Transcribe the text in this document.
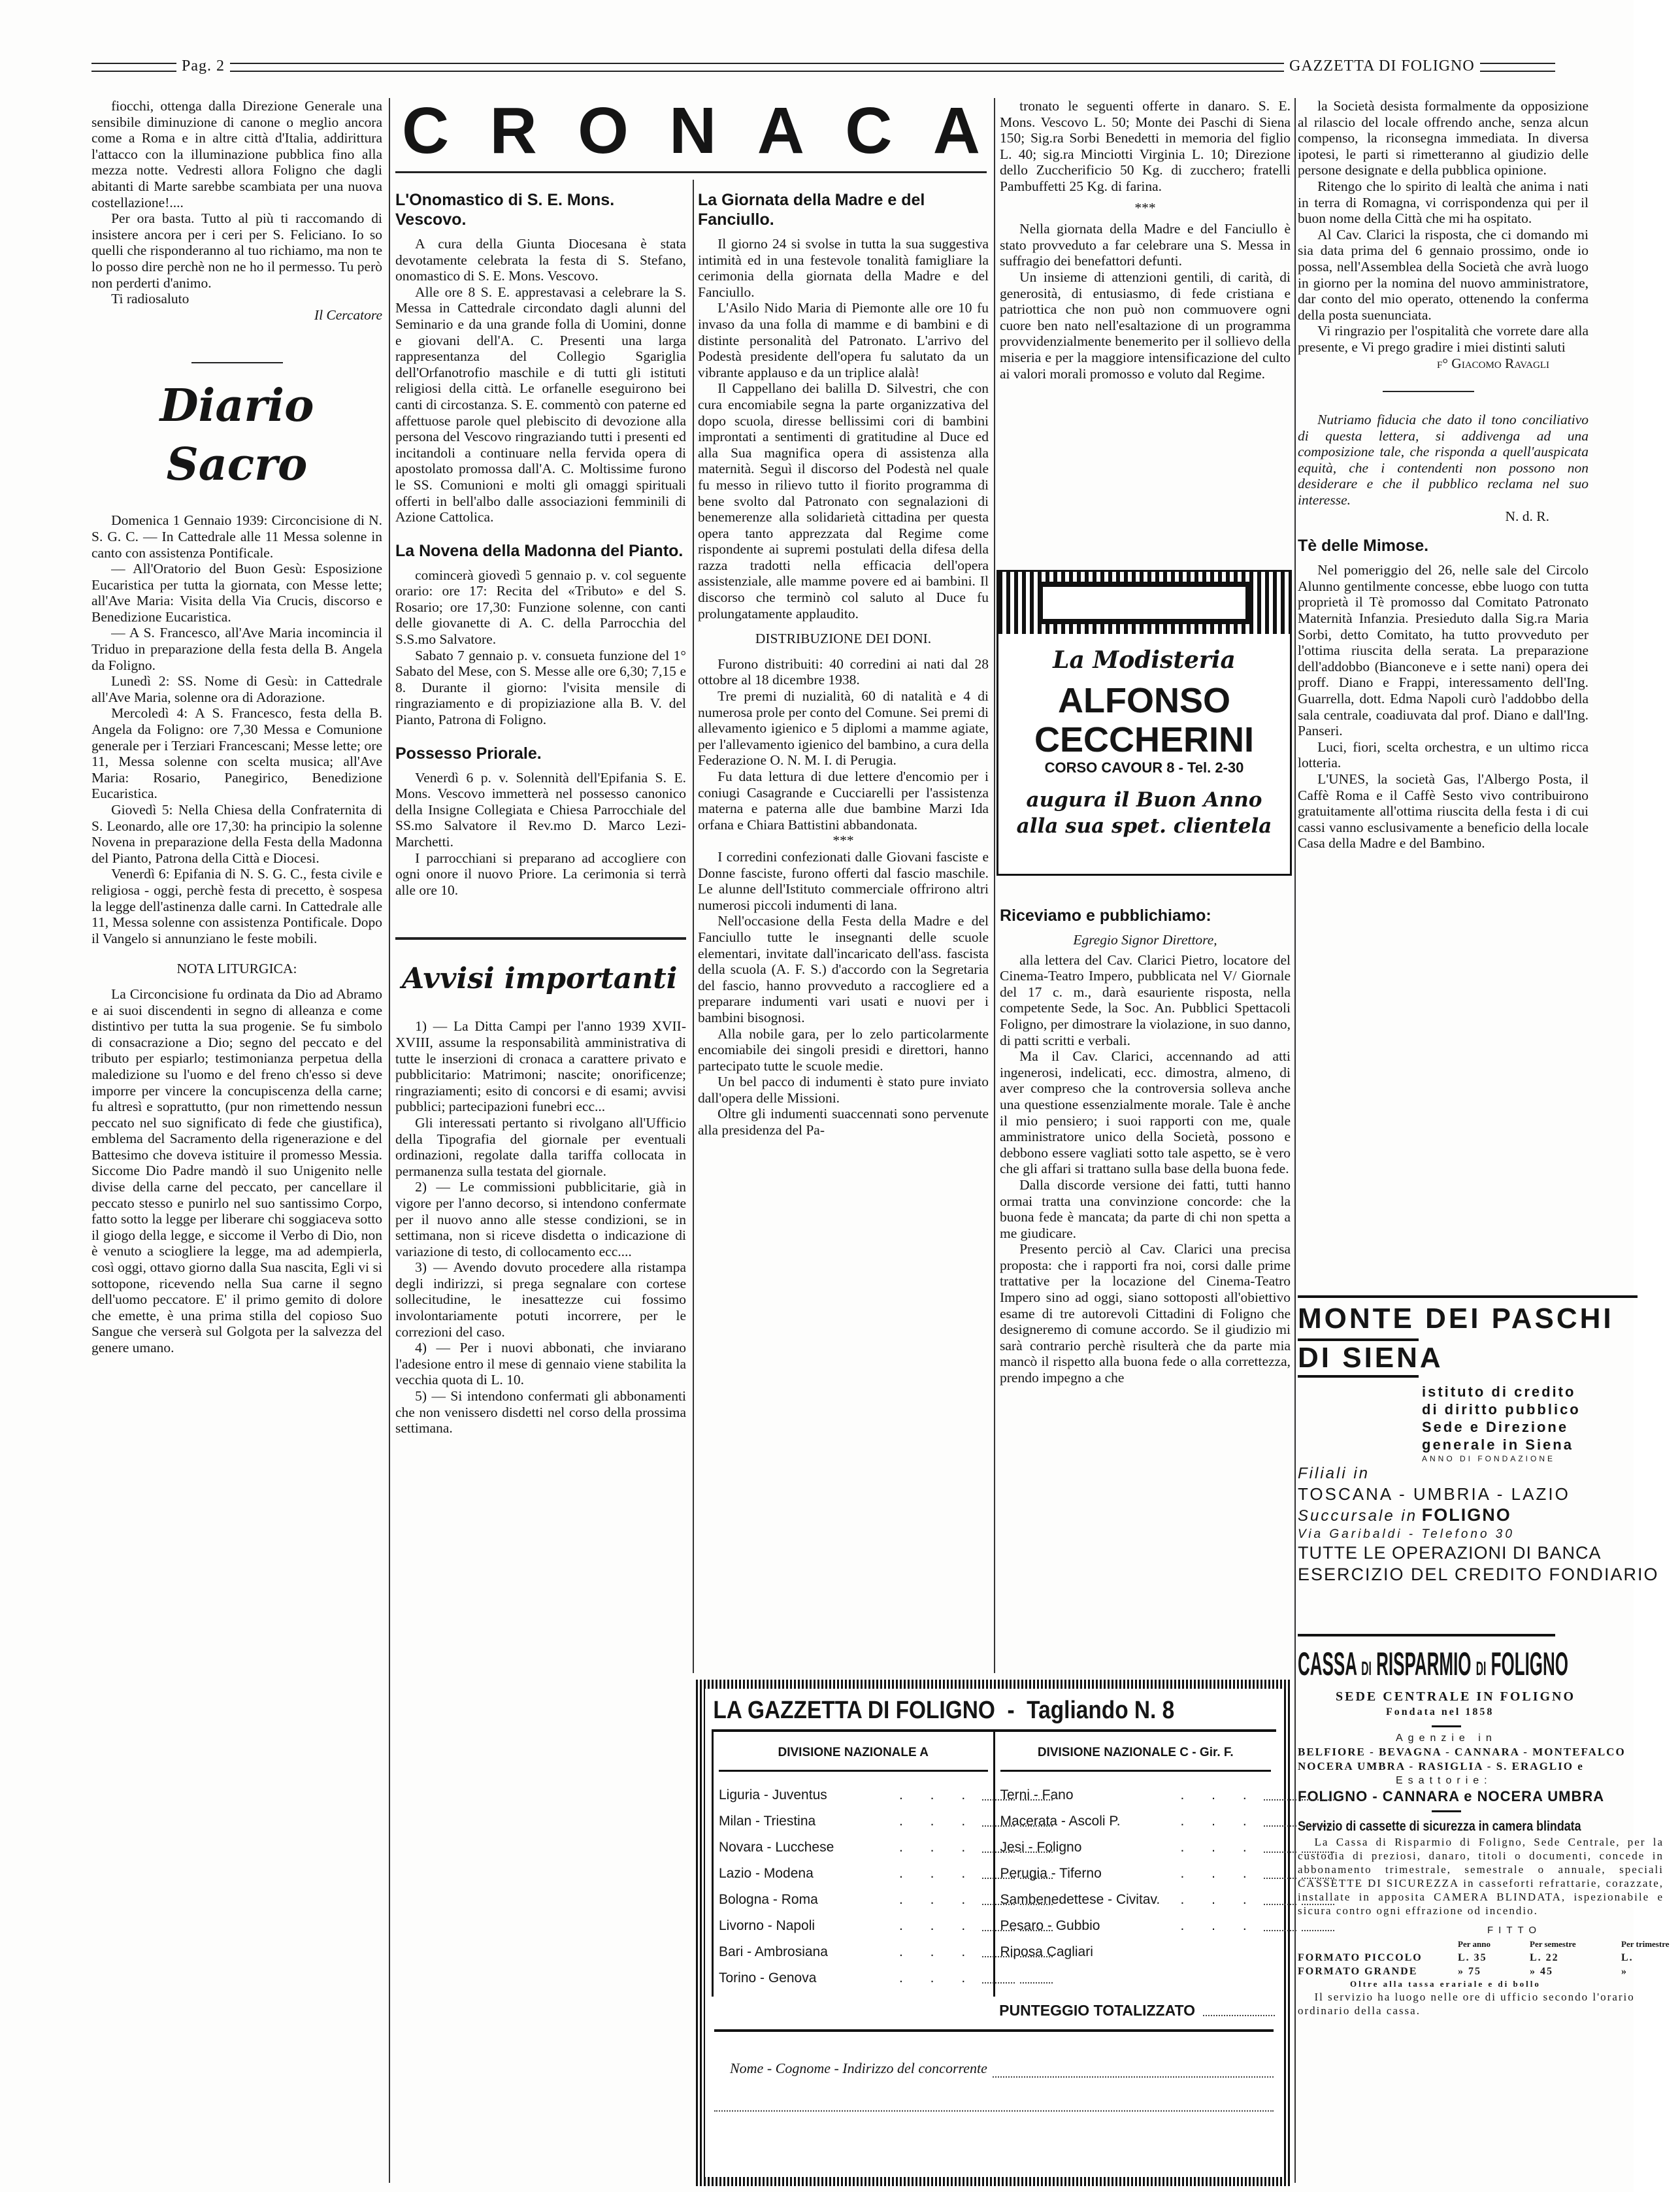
Pag. 2	GAZZETTA DI FOLIGNO

fiocchi, ottenga dalla Direzione Generale una sensibile diminuzione di canone o meglio ancora come a Roma e in altre città d'Italia, addirittura l'attacco con la illuminazione pubblica fino alla mezza notte. Vedresti allora Foligno che dagli abitanti di Marte sarebbe scambiata per una nuova costellazione!....

Per ora basta. Tutto al più ti raccomando di insistere ancora per i ceri per S. Feliciano. Io so quelli che risponderanno al tuo richiamo, ma non te lo posso dire perchè non ne ho il permesso. Tu però non perderti d'animo.

Ti radiosaluto

Il Cercatore

Diario Sacro

Domenica 1 Gennaio 1939: Circoncisione di N. S. G. C. — In Cattedrale alle 11 Messa solenne in canto con assistenza Pontificale.

— All'Oratorio del Buon Gesù: Esposizione Eucaristica per tutta la giornata, con Messe lette; all'Ave Maria: Visita della Via Crucis, discorso e Benedizione Eucaristica.

— A S. Francesco, all'Ave Maria incomincia il Triduo in preparazione della festa della B. Angela da Foligno.

Lunedì 2: SS. Nome di Gesù: in Cattedrale all'Ave Maria, solenne ora di Adorazione.

Mercoledì 4: A S. Francesco, festa della B. Angela da Foligno: ore 7,30 Messa e Comunione generale per i Terziari Francescani; Messe lette; ore 11, Messa solenne con scelta musica; all'Ave Maria: Rosario, Panegirico, Benedizione Eucaristica.

Giovedì 5: Nella Chiesa della Confraternita di S. Leonardo, alle ore 17,30: ha principio la solenne Novena in preparazione della Festa della Madonna del Pianto, Patrona della Città e Diocesi.

Venerdì 6: Epifania di N. S. G. C., festa civile e religiosa - oggi, perchè festa di precetto, è sospesa la legge dell'astinenza dalle carni. In Cattedrale alle 11, Messa solenne con assistenza Pontificale. Dopo il Vangelo si annunziano le feste mobili.

NOTA LITURGICA:

La Circoncisione fu ordinata da Dio ad Abramo e ai suoi discendenti in segno di alleanza e come distintivo per tutta la sua progenie. Se fu simbolo di consacrazione a Dio; segno del peccato e del tributo per espiarlo; testimonianza perpetua della maledizione su l'uomo e del freno ch'esso si deve imporre per vincere la concupiscenza della carne; fu altresì e soprattutto, (pur non rimettendo nessun peccato nel suo significato di fede che giustifica), emblema del Sacramento della rigenerazione e del Battesimo che doveva istituire il promesso Messia. Siccome Dio Padre mandò il suo Unigenito nelle divise della carne del peccato, per cancellare il peccato stesso e punirlo nel suo santissimo Corpo, fatto sotto la legge per liberare chi soggiaceva sotto il giogo della legge, e siccome il Verbo di Dio, non è venuto a sciogliere la legge, ma ad adempierla, così oggi, ottavo giorno dalla Sua nascita, Egli vi si sottopone, ricevendo nella Sua carne il segno dell'uomo peccatore. E' il primo gemito di dolore che emette, è una prima stilla del copioso Suo Sangue che verserà sul Golgota per la salvezza del genere umano.

C R O N A C A
L'Onomastico di S. E. Mons. Vescovo.

A cura della Giunta Diocesana è stata devotamente celebrata la festa di S. Stefano, onomastico di S. E. Mons. Vescovo.

Alle ore 8 S. E. apprestavasi a celebrare la S. Messa in Cattedrale circondato dagli alunni del Seminario e da una grande folla di Uomini, donne e giovani dell'A. C. Presenti una larga rappresentanza del Collegio Sgariglia dell'Orfanotrofio maschile e di tutti gli istituti religiosi della città. Le orfanelle eseguirono bei canti di circostanza. S. E. commentò con paterne ed affettuose parole quel plebiscito di devozione alla persona del Vescovo ringraziando tutti i presenti ed incitandoli a continuare nella fervida opera di apostolato promossa dall'A. C. Moltissime furono le SS. Comunioni e molti gli omaggi spirituali offerti in bell'albo dalle associazioni femminili di Azione Cattolica.

La Novena della Madonna del Pianto.

comincerà giovedì 5 gennaio p. v. col seguente orario: ore 17: Recita del «Tributo» e del S. Rosario; ore 17,30: Funzione solenne, con canti delle giovanette di A. C. della Parrocchia del S.S.mo Salvatore.

Sabato 7 gennaio p. v. consueta funzione del 1° Sabato del Mese, con S. Messe alle ore 6,30; 7,15 e 8. Durante il giorno: l'visita mensile di ringraziamento e di propiziazione alla B. V. del Pianto, Patrona di Foligno.

Possesso Priorale.

Venerdì 6 p. v. Solennità dell'Epifania S. E. Mons. Vescovo immetterà nel possesso canonico della Insigne Collegiata e Chiesa Parrocchiale del SS.mo Salvatore il Rev.mo D. Marco Lezi-Marchetti.

I parrocchiani si preparano ad accogliere con ogni onore il nuovo Priore. La cerimonia si terrà alle ore 10.

Avvisi importanti

1) — La Ditta Campi per l'anno 1939 XVII-XVIII, assume la responsabilità amministrativa di tutte le inserzioni di cronaca a carattere privato e pubblicitario: Matrimoni; nascite; onorificenze; ringraziamenti; esito di concorsi e di esami; avvisi pubblici; partecipazioni funebri ecc...

Gli interessati pertanto si rivolgano all'Ufficio della Tipografia del giornale per eventuali ordinazioni, regolate dalla tariffa collocata in permanenza sulla testata del giornale.

2) — Le commissioni pubblicitarie, già in vigore per l'anno decorso, si intendono confermate per il nuovo anno alle stesse condizioni, se in settimana, non si riceve disdetta o indicazione di variazione di testo, di collocamento ecc....

3) — Avendo dovuto procedere alla ristampa degli indirizzi, si prega segnalare con cortese sollecitudine, le inesattezze cui fossimo involontariamente potuti incorrere, per le correzioni del caso.

4) — Per i nuovi abbonati, che inviarano l'adesione entro il mese di gennaio viene stabilita la vecchia quota di L. 10.

5) — Si intendono confermati gli abbonamenti che non venissero disdetti nel corso della prossima settimana.

La Giornata della Madre e del Fanciullo.

Il giorno 24 si svolse in tutta la sua suggestiva intimità ed in una festevole tonalità famigliare la cerimonia della giornata della Madre e del Fanciullo.

L'Asilo Nido Maria di Piemonte alle ore 10 fu invaso da una folla di mamme e di bambini e di distinte personalità del Patronato. L'arrivo del Podestà presidente dell'opera fu salutato da un vibrante applauso e da un triplice alalà!

Il Cappellano dei balilla D. Silvestri, che con cura encomiabile segna la parte organizzativa del dopo scuola, diresse bellissimi cori di bambini improntati a sentimenti di gratitudine al Duce ed alla Sua magnifica opera di assistenza alla maternità. Seguì il discorso del Podestà nel quale fu messo in rilievo tutto il fiorito programma di bene svolto dal Patronato con segnalazioni di benemerenze alla solidarietà cittadina per questa opera tanto apprezzata dal Regime come rispondente ai supremi postulati della difesa della razza tradotti nella efficacia dell'opera assistenziale, alle mamme povere ed ai bambini. Il discorso che terminò col saluto al Duce fu prolungatamente applaudito.

DISTRIBUZIONE DEI DONI.

Furono distribuiti: 40 corredini ai nati dal 28 ottobre al 18 dicembre 1938.

Tre premi di nuzialità, 60 di natalità e 4 di numerosa prole per conto del Comune. Sei premi di allevamento igienico e 5 diplomi a mamme agiate, per l'allevamento igienico del bambino, a cura della Federazione O. N. M. I. di Perugia.

Fu data lettura di due lettere d'encomio per i coniugi Casagrande e Cucciarelli per l'assistenza materna e paterna alle due bambine Marzi Ida orfana e Chiara Battistini abbandonata.

***

I corredini confezionati dalle Giovani fasciste e Donne fasciste, furono offerti dal fascio maschile. Le alunne dell'Istituto commerciale offrirono altri numerosi piccoli indumenti di lana.

Nell'occasione della Festa della Madre e del Fanciullo tutte le insegnanti delle scuole elementari, invitate dall'incaricato dell'ass. fascista della scuola (A. F. S.) d'accordo con la Segretaria del fascio, hanno provveduto a raccogliere ed a preparare indumenti vari usati e nuovi per i bambini bisognosi.

Alla nobile gara, per lo zelo particolarmente encomiabile dei singoli presidi e direttori, hanno partecipato tutte le scuole medie.

Un bel pacco di indumenti è stato pure inviato dall'opera delle Missioni.

Oltre gli indumenti suaccennati sono pervenute alla presidenza del Pa-

tronato le seguenti offerte in danaro. S. E. Mons. Vescovo L. 50; Monte dei Paschi di Siena 150; Sig.ra Sorbi Benedetti in memoria del figlio L. 40; sig.ra Minciotti Virginia L. 10; Direzione dello Zuccherificio 50 Kg. di zucchero; fratelli Pambuffetti 25 Kg. di farina.

***

Nella giornata della Madre e del Fanciullo è stato provveduto a far celebrare una S. Messa in suffragio dei benefattori defunti.

Un insieme di attenzioni gentili, di carità, di generosità, di entusiasmo, di fede cristiana e patriottica che non può non commuovere ogni cuore ben nato nell'esaltazione di un programma provvidenzialmente benemerito per il sollievo della miseria e per la maggiore intensificazione del culto ai valori morali promosso e voluto dal Regime.

La Modisteria
ALFONSO
CECCHERINI
CORSO CAVOUR 8 - Tel. 2-30
augura il Buon Anno
alla sua spet. clientela
Riceviamo e pubblichiamo:

Egregio Signor Direttore,

alla lettera del Cav. Clarici Pietro, locatore del Cinema-Teatro Impero, pubblicata nel V/ Giornale del 17 c. m., darà esauriente risposta, nella competente Sede, la Soc. An. Pubblici Spettacoli Foligno, per dimostrare la violazione, in suo danno, di patti scritti e verbali.

Ma il Cav. Clarici, accennando ad atti ingenerosi, indelicati, ecc. dimostra, almeno, di aver compreso che la controversia solleva anche una questione essenzialmente morale. Tale è anche il mio pensiero; i suoi rapporti con me, quale amministratore unico della Società, possono e debbono essere vagliati sotto tale aspetto, se è vero che gli affari si trattano sulla base della buona fede.

Dalla discorde versione dei fatti, tutti hanno ormai tratta una convinzione concorde: che la buona fede è mancata; da parte di chi non spetta a me giudicare.

Presento perciò al Cav. Clarici una precisa proposta: che i rapporti fra noi, corsi dalle prime trattative per la locazione del Cinema-Teatro Impero sino ad oggi, siano sottoposti all'obiettivo esame di tre autorevoli Cittadini di Foligno che designeremo di comune accordo. Se il giudizio mi sarà contrario perchè risulterà che da parte mia mancò il rispetto alla buona fede o alla correttezza, prendo impegno a che

la Società desista formalmente da opposizione al rilascio del locale offrendo anche, senza alcun compenso, la riconsegna immediata. In diversa ipotesi, le parti si rimetteranno al giudizio delle persone designate e della pubblica opinione.

Ritengo che lo spirito di lealtà che anima i nati in terra di Romagna, vi corrispondenza qui per il buon nome della Città che mi ha ospitato.

Al Cav. Clarici la risposta, che ci domando mi sia data prima del 6 gennaio prossimo, onde io possa, nell'Assemblea della Società che avrà luogo in giorno per la nomina del nuovo amministratore, dar conto del mio operato, ottenendo la conferma della posta suenunciata.

Vi ringrazio per l'ospitalità che vorrete dare alla presente, e Vi prego gradire i miei distinti saluti

f° Giacomo Ravagli

Nutriamo fiducia che dato il tono conciliativo di questa lettera, si addivenga ad una composizione tale, che risponda a quell'auspicata equità, che i contendenti non possono non desiderare e che il pubblico reclama nel suo interesse.

N. d. R.

Tè delle Mimose.

Nel pomeriggio del 26, nelle sale del Circolo Alunno gentilmente concesse, ebbe luogo con tutta proprietà il Tè promosso dal Comitato Patronato Maternità Infanzia. Presieduto dalla Sig.ra Maria Sorbi, detto Comitato, ha tutto provveduto per l'ottima riuscita della serata. La preparazione dell'addobbo (Bianconeve e i sette nani) opera dei proff. Diano e Frappi, interessamento dell'Ing. Guarrella, dott. Edma Napoli curò l'addobbo della sala centrale, coadiuvata dal prof. Diano e dall'Ing. Panseri.

Luci, fiori, scelta orchestra, e un ultimo ricca lotteria.

L'UNES, la società Gas, l'Albergo Posta, il Caffè Roma e il Caffè Sesto vivo contribuirono gratuitamente all'ottima riuscita della festa i di cui cassi vanno esclusivamente a beneficio della locale Casa della Madre e del Bambino.

MONTE DEI PASCHI
DI SIENA
istituto di credito
di diritto pubblico
Sede e Direzione
generale in Siena
ANNO DI FONDAZIONE
Filiali in
TOSCANA - UMBRIA - LAZIO
Succursale in FOLIGNO
Via Garibaldi - Telefono 30
TUTTE LE OPERAZIONI DI BANCA
ESERCIZIO DEL CREDITO FONDIARIO
CASSA DI RISPARMIO DI FOLIGNO
SEDE CENTRALE IN FOLIGNO
Fondata nel 1858
Agenzie in
BELFIORE - BEVAGNA - CANNARA - MONTEFALCO
NOCERA UMBRA - RASIGLIA - S. ERAGLIO e
Esattorie:
FOLIGNO - CANNARA e NOCERA UMBRA
Servizio di cassette di sicurezza in camera blindata
La Cassa di Risparmio di Foligno, Sede Centrale, per la custodia di preziosi, danaro, titoli o documenti, concede in abbonamento trimestrale, semestrale o annuale, speciali CASSETTE DI SICUREZZA in casseforti refrattarie, corazzate, installate in apposita CAMERA BLINDATA, ispezionabile e sicura contro ogni effrazione od incendio.
FITTO
Per anno	Per semestre	Per trimestre
FORMATO PICCOLO	L. 35	L. 22	L.
FORMATO GRANDE	» 75	» 45	»
Oltre alla tassa erariale e di bollo
Il servizio ha luogo nelle ore di ufficio secondo l'orario ordinario della cassa.
LA GAZZETTA DI FOLIGNO  -  Tagliando N. 8
DIVISIONE NAZIONALE A
Liguria - Juventus	. . .
Milan - Triestina	. . .
Novara - Lucchese	. . .
Lazio - Modena	. . .
Bologna - Roma	. . .
Livorno - Napoli	. . .
Bari - Ambrosiana	. . .
Torino - Genova	. . .
DIVISIONE NAZIONALE C - Gir. F.
Terni - Fano	. . .
Macerata - Ascoli P.	. . .
Jesi - Foligno	. . .
Perugia - Tiferno	. . .
Sambenedettese - Civitav.	. . .
Pesaro - Gubbio	. . .
Riposa Cagliari
PUNTEGGIO TOTALIZZATO
Nome - Cognome - Indirizzo del concorrente
